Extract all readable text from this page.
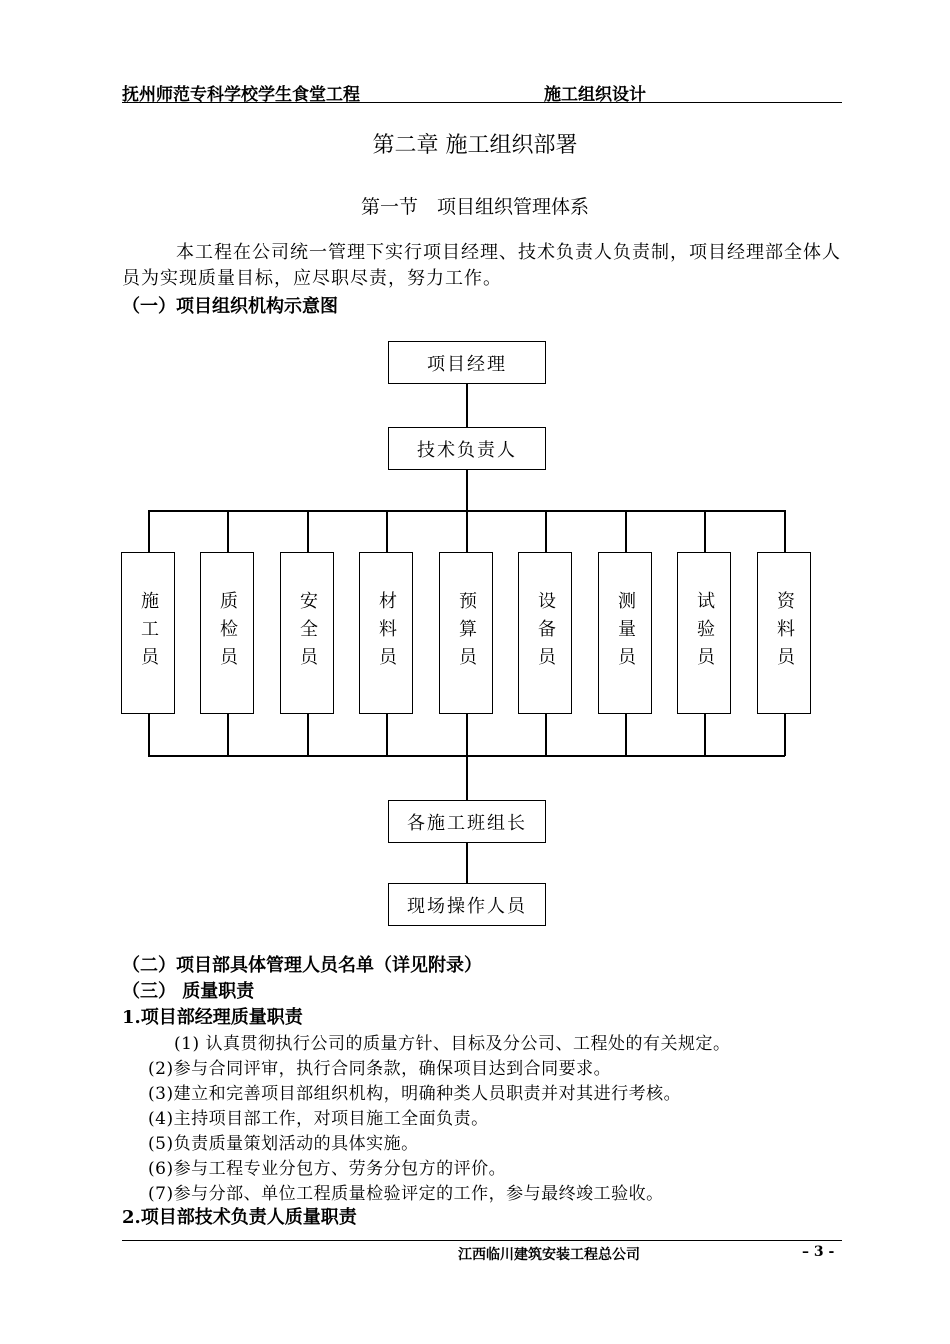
抚州师范专科学校学生食堂工程	施工组织设计
第二章 施工组织部署
第一节　项目组织管理体系
本工程在公司统一管理下实行项目经理、技术负责人负责制，项目经理部全体人员为实现质量目标，应尽职尽责，努力工作。
（一）项目组织机构示意图
项目经理
技术负责人
施工员	质检员	安全员	材料员	预算员	设备员	测量员	试验员	资料员
各施工班组长
现场操作人员
（二）项目部具体管理人员名单（详见附录）
（三） 质量职责
1.项目部经理质量职责
(1) 认真贯彻执行公司的质量方针、目标及分公司、工程处的有关规定。
(2)参与合同评审，执行合同条款，确保项目达到合同要求。
(3)建立和完善项目部组织机构，明确种类人员职责并对其进行考核。
(4)主持项目部工作，对项目施工全面负责。
(5)负责质量策划活动的具体实施。
(6)参与工程专业分包方、劳务分包方的评价。
(7)参与分部、单位工程质量检验评定的工作，参与最终竣工验收。
2.项目部技术负责人质量职责
江西临川建筑安装工程总公司	– 3 -
